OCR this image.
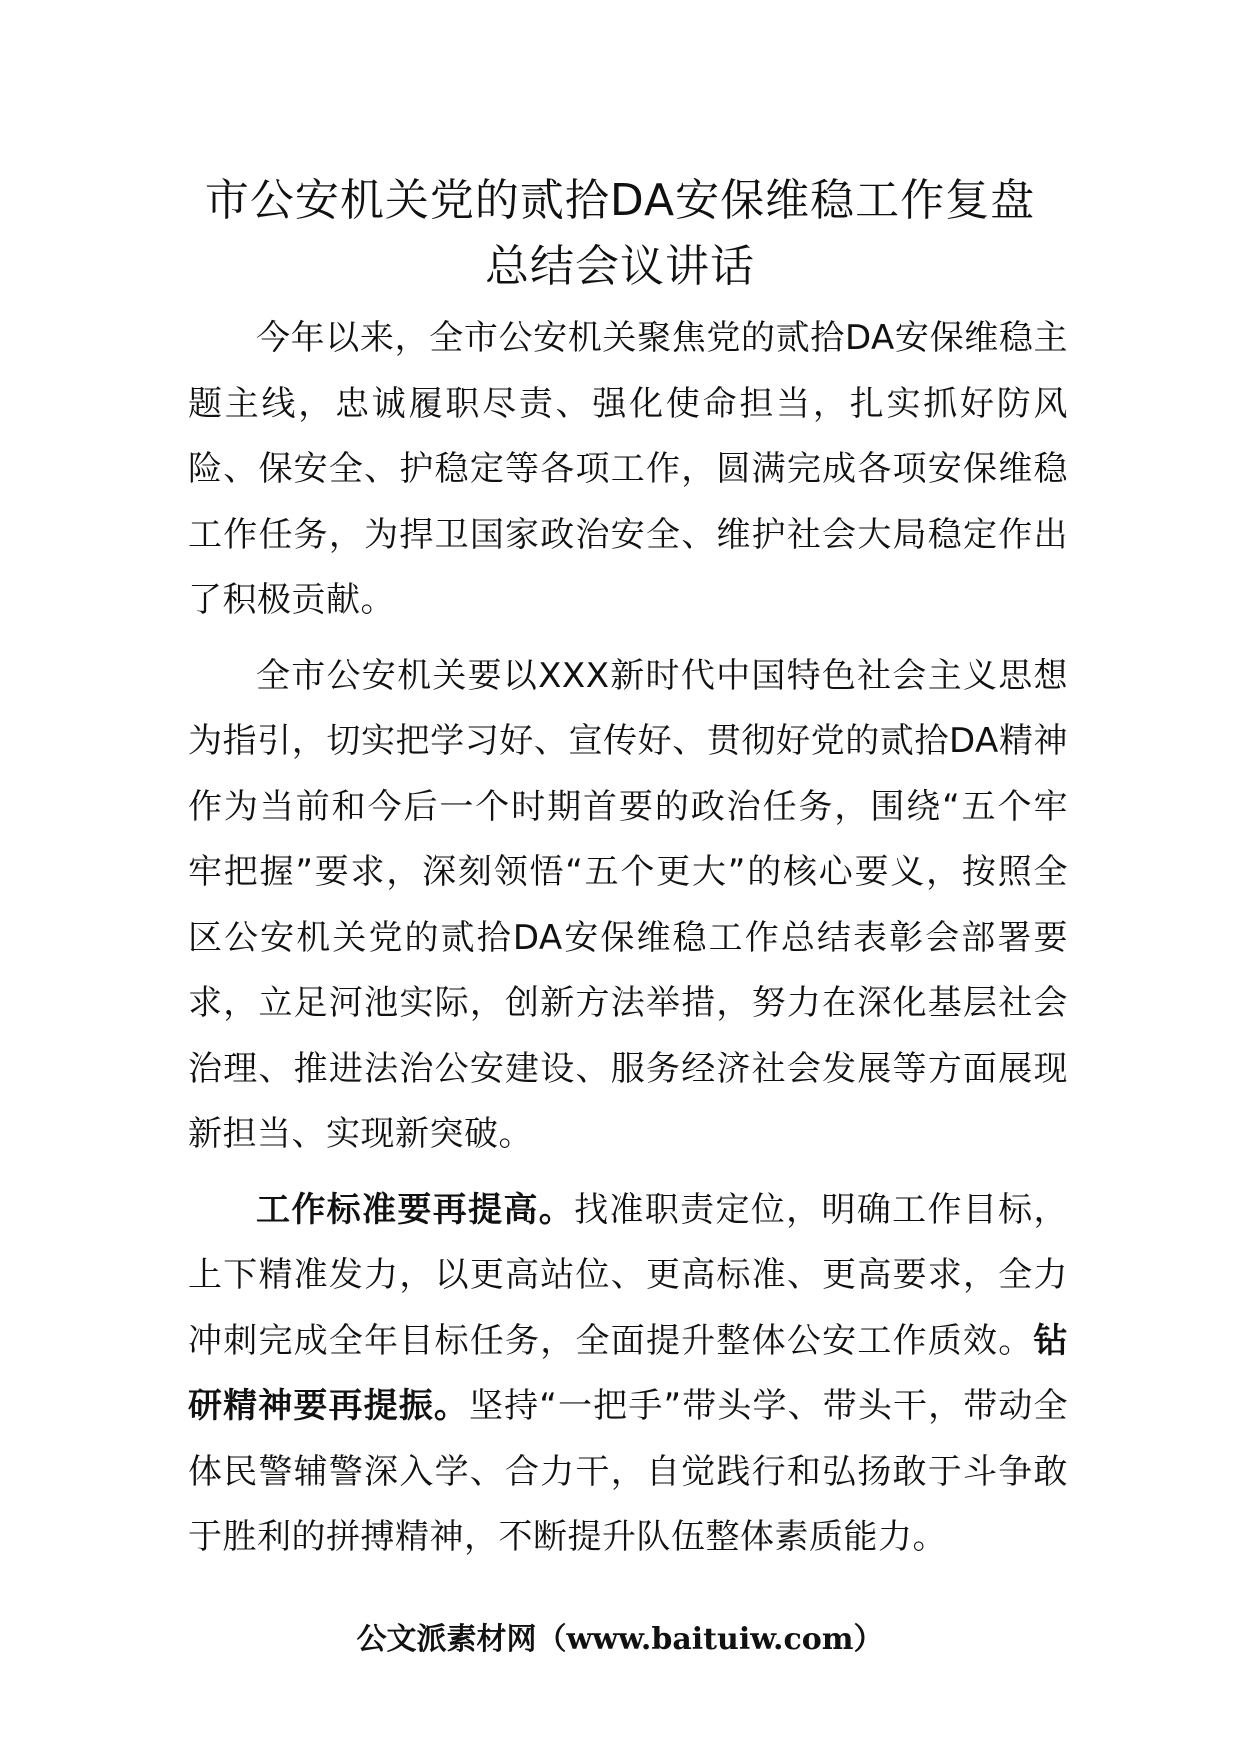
市公安机关党的贰拾DA安保维稳工作复盘
总结会议讲话

今年以来，全市公安机关聚焦党的贰拾DA安保维稳主题主线，忠诚履职尽责、强化使命担当，扎实抓好防风险、保安全、护稳定等各项工作，圆满完成各项安保维稳工作任务，为捍卫国家政治安全、维护社会大局稳定作出了积极贡献。

全市公安机关要以XXX新时代中国特色社会主义思想为指引，切实把学习好、宣传好、贯彻好党的贰拾DA精神作为当前和今后一个时期首要的政治任务，围绕“五个牢牢把握”要求，深刻领悟“五个更大”的核心要义，按照全区公安机关党的贰拾DA安保维稳工作总结表彰会部署要求，立足河池实际，创新方法举措，努力在深化基层社会治理、推进法治公安建设、服务经济社会发展等方面展现新担当、实现新突破。

工作标准要再提高。找准职责定位，明确工作目标，上下精准发力，以更高站位、更高标准、更高要求，全力冲刺完成全年目标任务，全面提升整体公安工作质效。钻研精神要再提振。坚持“一把手”带头学、带头干，带动全体民警辅警深入学、合力干，自觉践行和弘扬敢于斗争敢于胜利的拼搏精神，不断提升队伍整体素质能力。

公文派素材网（www.baituiw.com）
